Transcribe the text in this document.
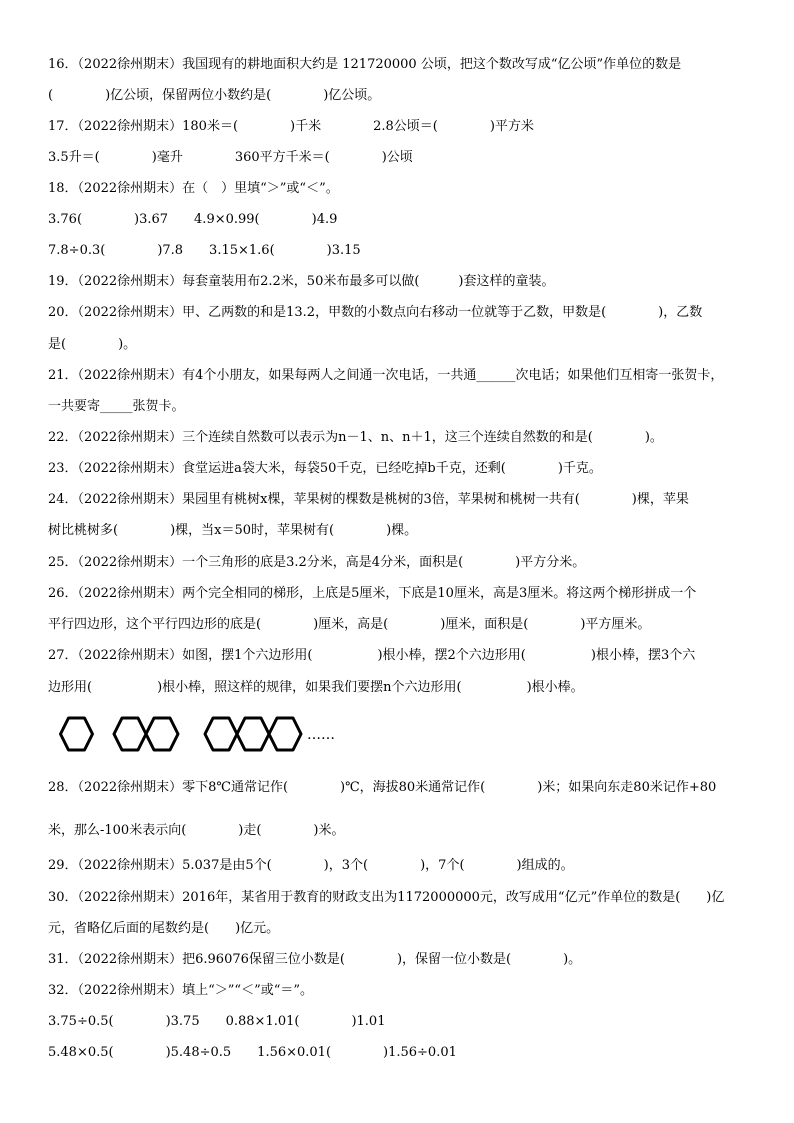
16．（2022徐州期末）我国现有的耕地面积大约是 121720000 公顷，把这个数改写成“亿公顷”作单位的数是
(　　　　)亿公顷，保留两位小数约是(　　　　)亿公顷。
17．（2022徐州期末）180米＝(　　　　)千米　　　　2.8公顷＝(　　　　)平方米
3.5升＝(　　　　)毫升　　　　360平方千米＝(　　　　)公顷
18．（2022徐州期末）在（　）里填“＞”或“＜”。
3.76(　　　　)3.67　　4.9×0.99(　　　　)4.9
7.8÷0.3(　　　　)7.8　　3.15×1.6(　　　　)3.15
19．（2022徐州期末）每套童装用布2.2米，50米布最多可以做(　　　)套这样的童装。
20．（2022徐州期末）甲、乙两数的和是13.2，甲数的小数点向右移动一位就等于乙数，甲数是(　　　　)，乙数
是(　　　　)。
21．（2022徐州期末）有4个小朋友，如果每两人之间通一次电话，一共通______次电话；如果他们互相寄一张贺卡，
一共要寄_____张贺卡。
22．（2022徐州期末）三个连续自然数可以表示为n－1、n、n＋1，这三个连续自然数的和是(　　　　)。
23．（2022徐州期末）食堂运进a袋大米，每袋50千克，已经吃掉b千克，还剩(　　　　)千克。
24．（2022徐州期末）果园里有桃树x棵，苹果树的棵数是桃树的3倍，苹果树和桃树一共有(　　　　)棵，苹果
树比桃树多(　　　　)棵，当x＝50时，苹果树有(　　　　)棵。
25．（2022徐州期末）一个三角形的底是3.2分米，高是4分米，面积是(　　　　)平方分米。
26．（2022徐州期末）两个完全相同的梯形，上底是5厘米，下底是10厘米，高是3厘米。将这两个梯形拼成一个
平行四边形，这个平行四边形的底是(　　　　)厘米，高是(　　　　)厘米，面积是(　　　　)平方厘米。
27．（2022徐州期末）如图，摆1个六边形用(　　　　　)根小棒，摆2个六边形用(　　　　　)根小棒，摆3个六
边形用(　　　　　)根小棒，照这样的规律，如果我们要摆n个六边形用(　　　　　)根小棒。
……
28．（2022徐州期末）零下8℃通常记作(　　　　)℃，海拔80米通常记作(　　　　)米；如果向东走80米记作+80
米，那么-100米表示向(　　　　)走(　　　　)米。
29．（2022徐州期末）5.037是由5个(　　　　)，3个(　　　　)，7个(　　　　)组成的。
30．（2022徐州期末）2016年，某省用于教育的财政支出为1172000000元，改写成用“亿元”作单位的数是(　　)亿
元，省略亿后面的尾数约是(　　)亿元。
31．（2022徐州期末）把6.96076保留三位小数是(　　　　)，保留一位小数是(　　　　)。
32．（2022徐州期末）填上“＞”“＜”或“＝”。
3.75÷0.5(　　　　)3.75　　0.88×1.01(　　　　)1.01
5.48×0.5(　　　　)5.48÷0.5　　1.56×0.01(　　　　)1.56÷0.01
